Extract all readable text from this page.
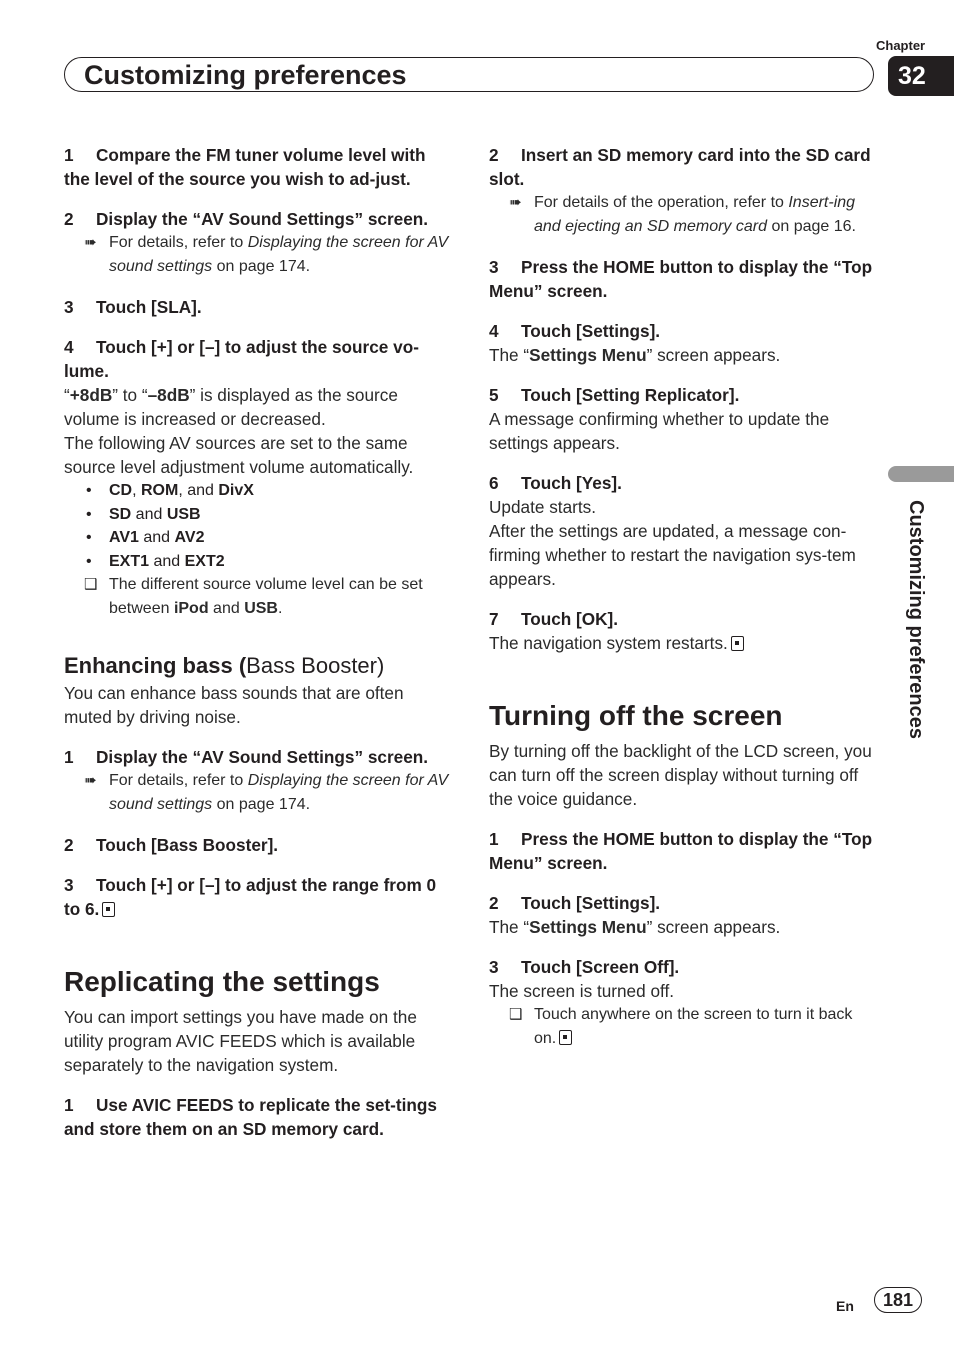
Chapter
Customizing preferences	32
1 Compare the FM tuner volume level with the level of the source you wish to ad-just.
2 Display the “AV Sound Settings” screen.
➠ For details, refer to Displaying the screen for AV sound settings on page 174.
3 Touch [SLA].
4 Touch [+] or [–] to adjust the source vo-lume.
“+8dB” to “–8dB” is displayed as the source volume is increased or decreased.
The following AV sources are set to the same source level adjustment volume automatically.
• CD, ROM, and DivX
• SD and USB
• AV1 and AV2
• EXT1 and EXT2
❑ The different source volume level can be set between iPod and USB.
Enhancing bass (Bass Booster)
You can enhance bass sounds that are often muted by driving noise.
1 Display the “AV Sound Settings” screen.
➠ For details, refer to Displaying the screen for AV sound settings on page 174.
2 Touch [Bass Booster].
3 Touch [+] or [–] to adjust the range from 0 to 6.
Replicating the settings
You can import settings you have made on the utility program AVIC FEEDS which is available separately to the navigation system.
1 Use AVIC FEEDS to replicate the set-tings and store them on an SD memory card.
2 Insert an SD memory card into the SD card slot.
➠ For details of the operation, refer to Insert-ing and ejecting an SD memory card on page 16.
3 Press the HOME button to display the “Top Menu” screen.
4 Touch [Settings].
The “Settings Menu” screen appears.
5 Touch [Setting Replicator].
A message confirming whether to update the settings appears.
6 Touch [Yes].
Update starts.
After the settings are updated, a message con-firming whether to restart the navigation sys-tem appears.
7 Touch [OK].
The navigation system restarts.
Turning off the screen
By turning off the backlight of the LCD screen, you can turn off the screen display without turning off the voice guidance.
1 Press the HOME button to display the “Top Menu” screen.
2 Touch [Settings].
The “Settings Menu” screen appears.
3 Touch [Screen Off].
The screen is turned off.
❑ Touch anywhere on the screen to turn it back on.
Customizing preferences
En	181
